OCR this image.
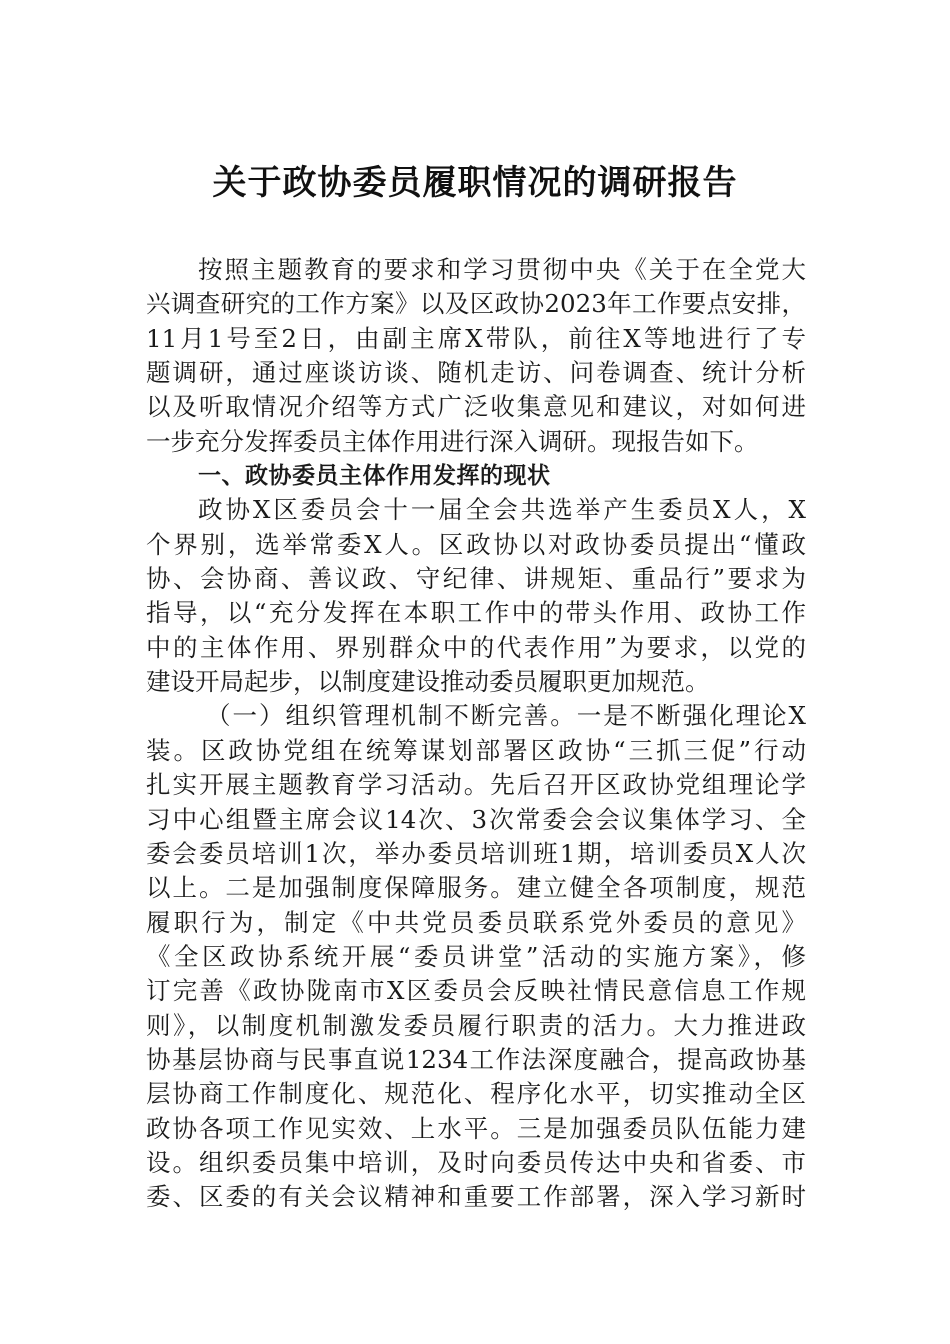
关于政协委员履职情况的调研报告
按照主题教育的要求和学习贯彻中央《关于在全党大
兴调查研究的工作方案》以及区政协2023年工作要点安排，
11月1号至2日，由副主席X带队，前往X等地进行了专
题调研，通过座谈访谈、随机走访、问卷调查、统计分析
以及听取情况介绍等方式广泛收集意见和建议，对如何进
一步充分发挥委员主体作用进行深入调研。现报告如下。
一、政协委员主体作用发挥的现状
政协X区委员会十一届全会共选举产生委员X人，X
个界别，选举常委X人。区政协以对政协委员提出“懂政
协、会协商、善议政、守纪律、讲规矩、重品行”要求为
指导，以“充分发挥在本职工作中的带头作用、政协工作
中的主体作用、界别群众中的代表作用”为要求，以党的
建设开局起步，以制度建设推动委员履职更加规范。
（一）组织管理机制不断完善。一是不断强化理论X
装。区政协党组在统筹谋划部署区政协“三抓三促”行动
扎实开展主题教育学习活动。先后召开区政协党组理论学
习中心组暨主席会议14次、3次常委会会议集体学习、全
委会委员培训1次，举办委员培训班1期，培训委员X人次
以上。二是加强制度保障服务。建立健全各项制度，规范
履职行为，制定《中共党员委员联系党外委员的意见》
《全区政协系统开展“委员讲堂”活动的实施方案》，修
订完善《政协陇南市X区委员会反映社情民意信息工作规
则》，以制度机制激发委员履行职责的活力。大力推进政
协基层协商与民事直说1234工作法深度融合，提高政协基
层协商工作制度化、规范化、程序化水平，切实推动全区
政协各项工作见实效、上水平。三是加强委员队伍能力建
设。组织委员集中培训，及时向委员传达中央和省委、市
委、区委的有关会议精神和重要工作部署，深入学习新时
